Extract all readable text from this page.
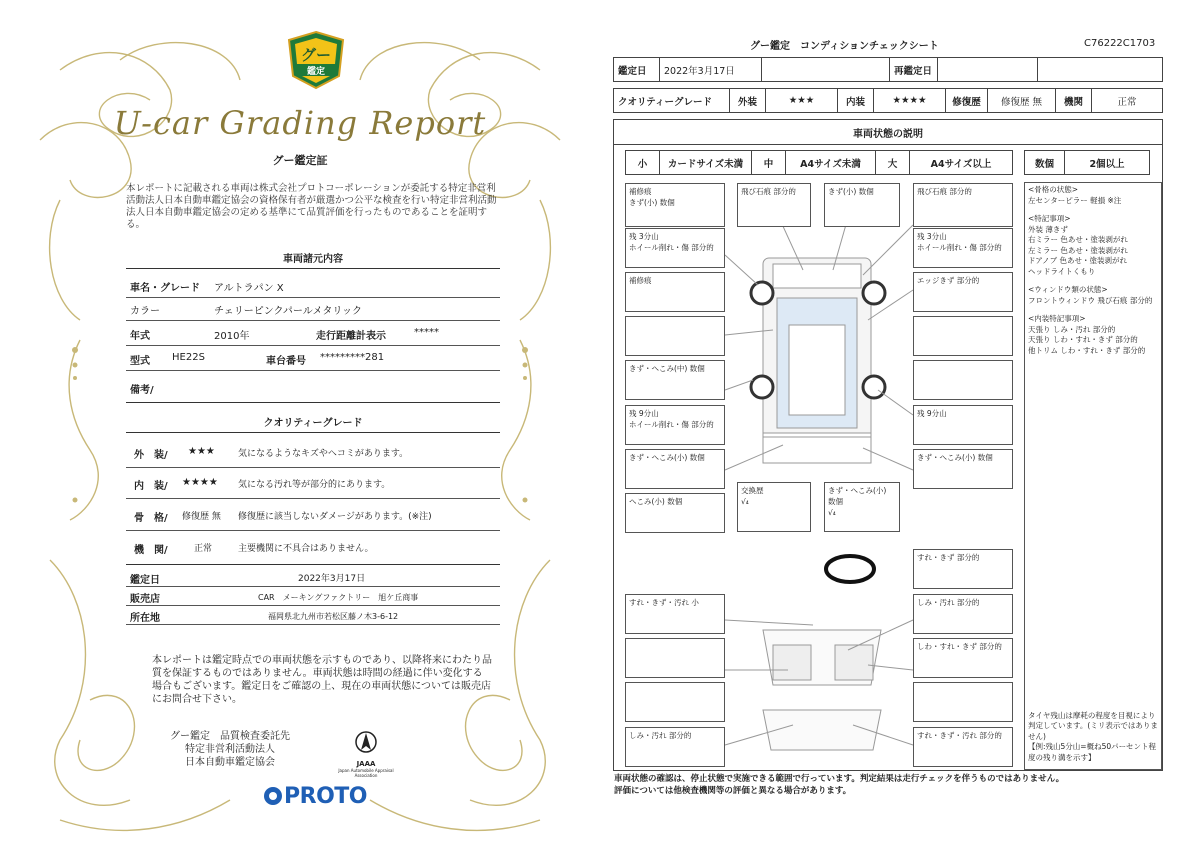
グー
鑑定
U-car Grading Report
グー鑑定証
本レポートに記載される車両は株式会社プロトコーポレーションが委託する特定非営利活動法人日本自動車鑑定協会の資格保有者が厳選かつ公平な検査を行い特定非営利活動法人日本自動車鑑定協会の定める基準にて品質評価を行ったものであることを証明する。
車両諸元内容
車名・グレード アルトラパン X
カラー	チェリーピンクパールメタリック
年式	2010年	走行距離計表示	*****
型式 HE22S	車台番号 *********281
備考/
クオリティーグレード
外　装/ ★★★	気になるようなキズやヘコミがあります。
内　装/ ★★★★ 気になる汚れ等が部分的にあります。
骨　格/ 修復歴 無 修復歴に該当しないダメージがあります。(※注)
機　関/	正常	主要機関に不具合はありません。
鑑定日	2022年3月17日
販売店	CAR　メーキングファクトリー　旭ケ丘商事
所在地	福岡県北九州市若松区藤ノ木3-6-12
本レポートは鑑定時点での車両状態を示すものであり、以降将来にわたり品質を保証するものではありません。車両状態は時間の経過に伴い変化する場合もございます。鑑定日をご確認の上、現在の車両状態については販売店にお問合せ下さい。
グー鑑定　品質検査委託先
特定非営利活動法人
日本自動車鑑定協会	JAAA
Japan Automobile Appraisal Association
PROTO
グー鑑定　コンディションチェックシート	C76222C1703
鑑定日	2022年3月17日		再鑑定日		
クオリティーグレード	外装	★★★	内装	★★★★	修復歴	修復歴 無	機関	正常
車両状態の説明
小	カードサイズ未満	中	A4サイズ未満	大	A4サイズ以上	数個	2個以上
補修痕
きず(小) 数個
飛び石痕 部分的	きず(小) 数個	飛び石痕 部分的
残 3分山
ホイール削れ・傷 部分的
残 3分山
ホイール削れ・傷 部分的
補修痕	エッジきず 部分的
きず・へこみ(中) 数個
残 9分山
ホイール削れ・傷 部分的
残 9分山
きず・へこみ(小) 数個	きず・へこみ(小) 数個
へこみ(小) 数個
交換歴
√₄
きず・へこみ(小) 数個
√₄
すれ・きず 部分的
すれ・きず・汚れ 小	しみ・汚れ 部分的
しわ・すれ・きず 部分的
しみ・汚れ 部分的	すれ・きず・汚れ 部分的
<骨格の状態>
左センターピラー 軽損 ※注
<特記事項>
外装 薄きず
右ミラー 色あせ・塗装剥がれ
左ミラー 色あせ・塗装剥がれ
ドアノブ 色あせ・塗装剥がれ
ヘッドライトくもり
<ウィンドウ類の状態>
フロントウィンドウ 飛び石痕 部分的
<内装特記事項>
天張り しみ・汚れ 部分的
天張り しわ・すれ・きず 部分的
他トリム しわ・すれ・きず 部分的
タイヤ残山は摩耗の程度を目視により判定しています。(ミリ表示ではありません)
【例:残山5分山=概ね50パーセント程度の残り溝を示す】
車両状態の確認は、停止状態で実施できる範囲で行っています。判定結果は走行チェックを伴うものではありません。
評価については他検査機関等の評価と異なる場合があります。
